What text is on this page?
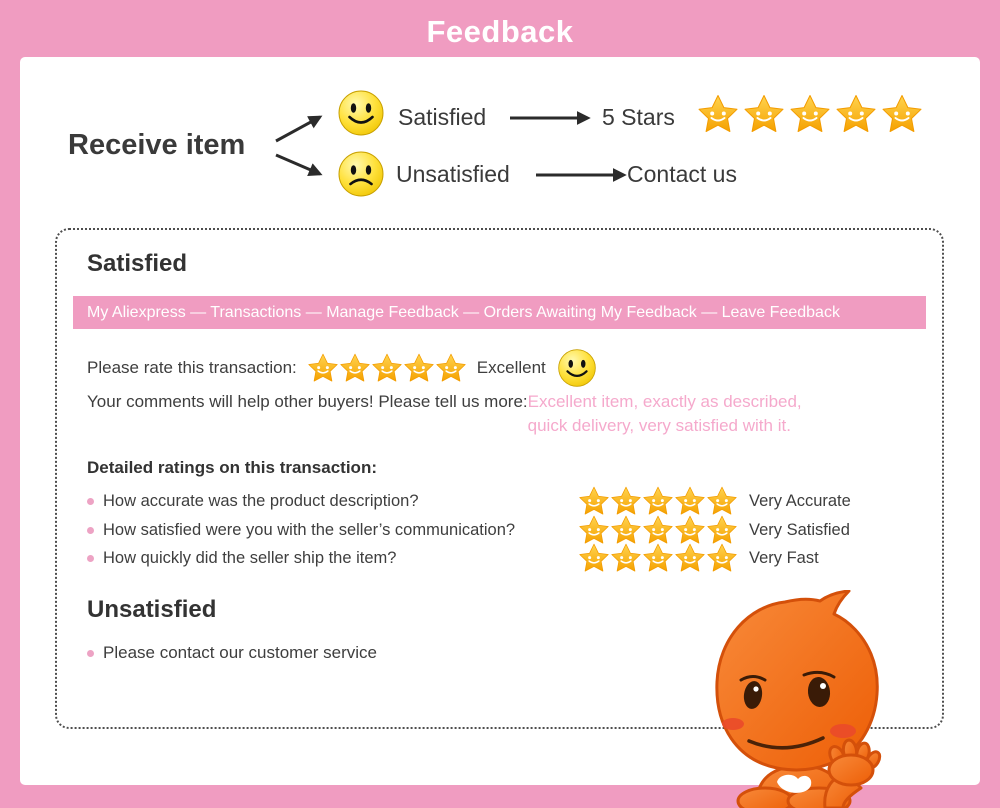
Feedback
Receive item
Satisfied	5 Stars
Unsatisfied	Contact us
Satisfied
My Aliexpress — Transactions — Manage Feedback — Orders Awaiting My Feedback — Leave Feedback
Please rate this transaction:	Excellent
Your comments will help other buyers! Please tell us more: Excellent item, exactly as described,
quick delivery, very satisfied with it.
Detailed ratings on this transaction:
How accurate was the product description?	Very Accurate
How satisfied were you with the seller’s communication?	Very Satisfied
How quickly did the seller ship the item?	Very Fast
Unsatisfied
Please contact our customer service
